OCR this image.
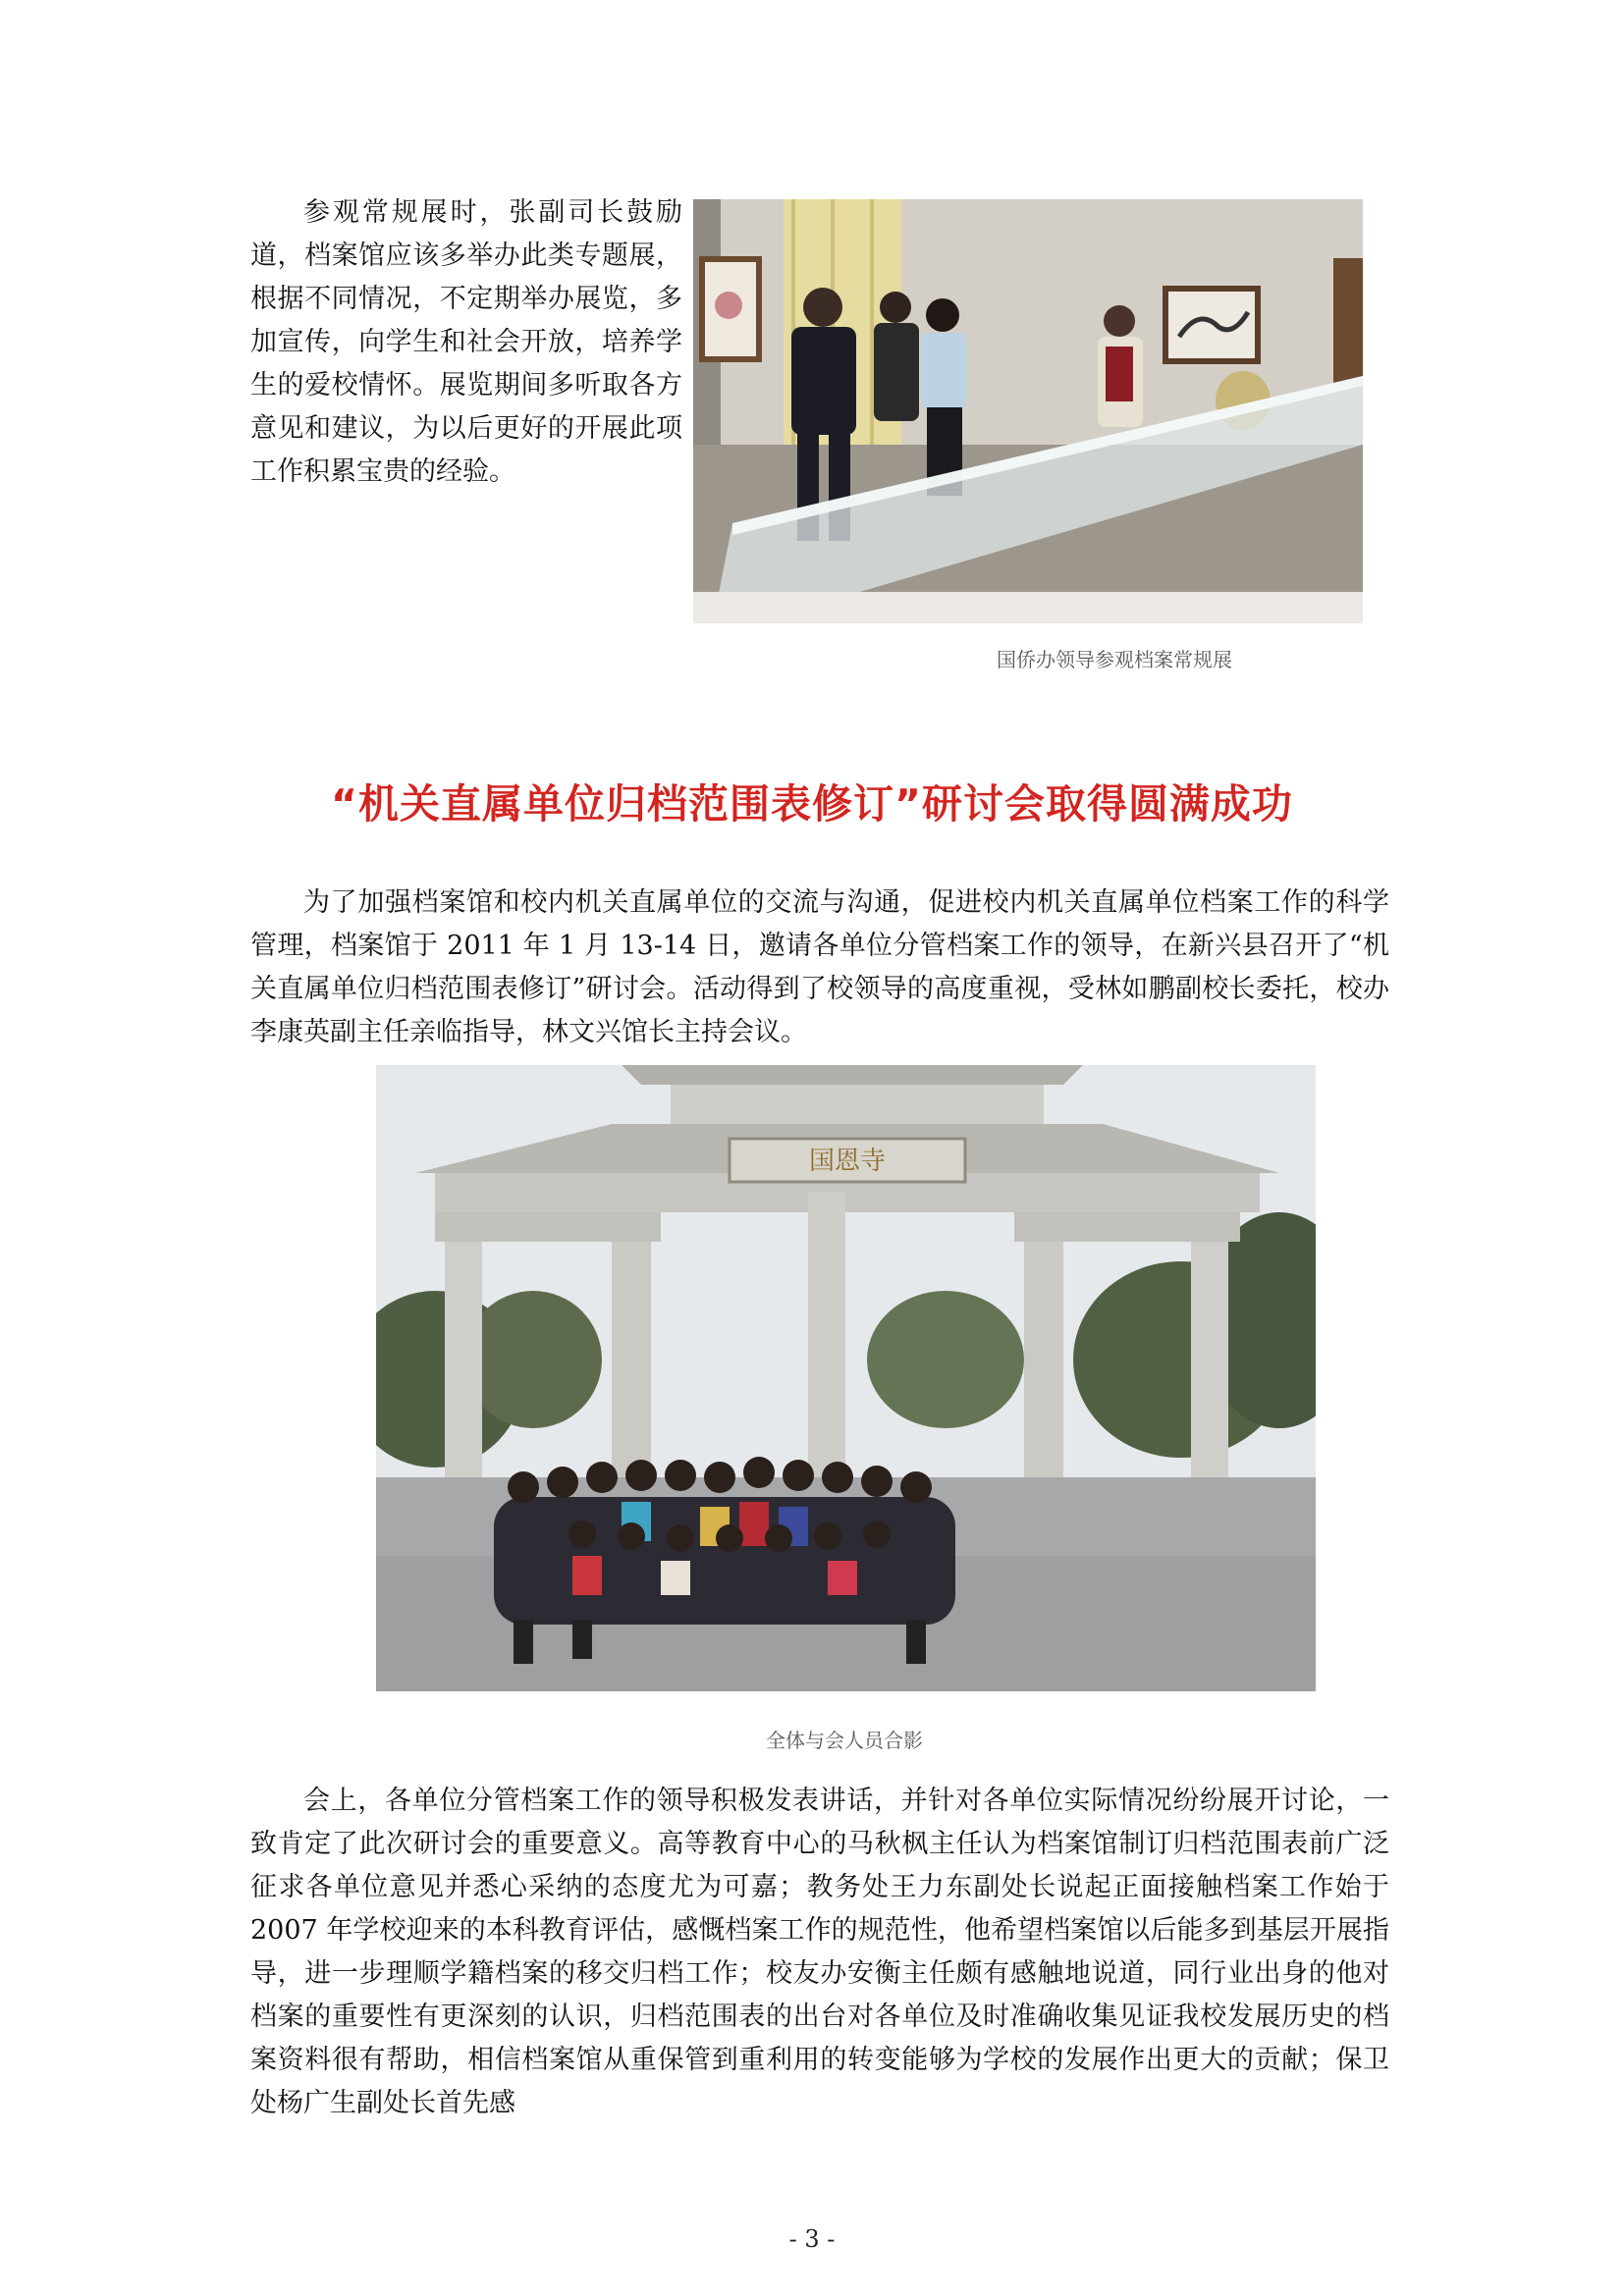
参观常规展时，张副司长鼓励道，档案馆应该多举办此类专题展，根据不同情况，不定期举办展览，多加宣传，向学生和社会开放，培养学生的爱校情怀。展览期间多听取各方意见和建议，为以后更好的开展此项工作积累宝贵的经验。
国侨办领导参观档案常规展
“机关直属单位归档范围表修订”研讨会取得圆满成功
为了加强档案馆和校内机关直属单位的交流与沟通，促进校内机关直属单位档案工作的科学管理，档案馆于 2011 年 1 月 13-14 日，邀请各单位分管档案工作的领导，在新兴县召开了“机关直属单位归档范围表修订”研讨会。活动得到了校领导的高度重视，受林如鹏副校长委托，校办李康英副主任亲临指导，林文兴馆长主持会议。
国恩寺
全体与会人员合影
会上，各单位分管档案工作的领导积极发表讲话，并针对各单位实际情况纷纷展开讨论，一致肯定了此次研讨会的重要意义。高等教育中心的马秋枫主任认为档案馆制订归档范围表前广泛征求各单位意见并悉心采纳的态度尤为可嘉；教务处王力东副处长说起正面接触档案工作始于 2007 年学校迎来的本科教育评估，感慨档案工作的规范性，他希望档案馆以后能多到基层开展指导，进一步理顺学籍档案的移交归档工作；校友办安衡主任颇有感触地说道，同行业出身的他对档案的重要性有更深刻的认识，归档范围表的出台对各单位及时准确收集见证我校发展历史的档案资料很有帮助，相信档案馆从重保管到重利用的转变能够为学校的发展作出更大的贡献；保卫处杨广生副处长首先感
- 3 -
